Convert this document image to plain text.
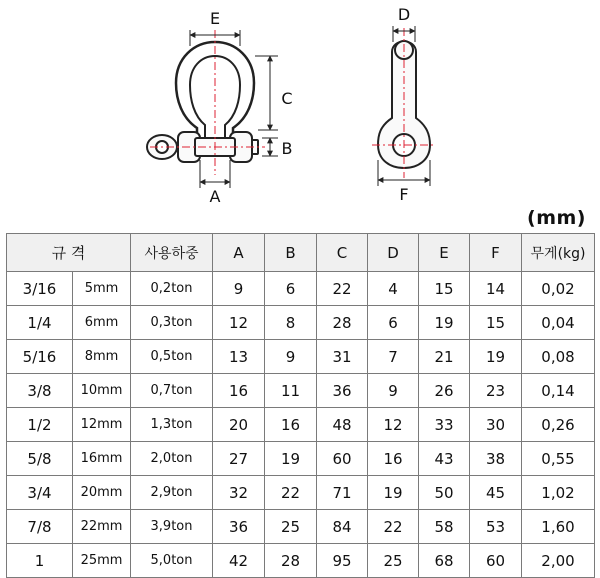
E
C
B
A
D
F
(mm)
규 격		사용하중	A	B	C	D	E	F	무게(kg)
3/16	5mm	0,2ton	9	6	22	4	15	14	0,02
1/4	6mm	0,3ton	12	8	28	6	19	15	0,04
5/16	8mm	0,5ton	13	9	31	7	21	19	0,08
3/8	10mm	0,7ton	16	11	36	9	26	23	0,14
1/2	12mm	1,3ton	20	16	48	12	33	30	0,26
5/8	16mm	2,0ton	27	19	60	16	43	38	0,55
3/4	20mm	2,9ton	32	22	71	19	50	45	1,02
7/8	22mm	3,9ton	36	25	84	22	58	53	1,60
1	25mm	5,0ton	42	28	95	25	68	60	2,00
